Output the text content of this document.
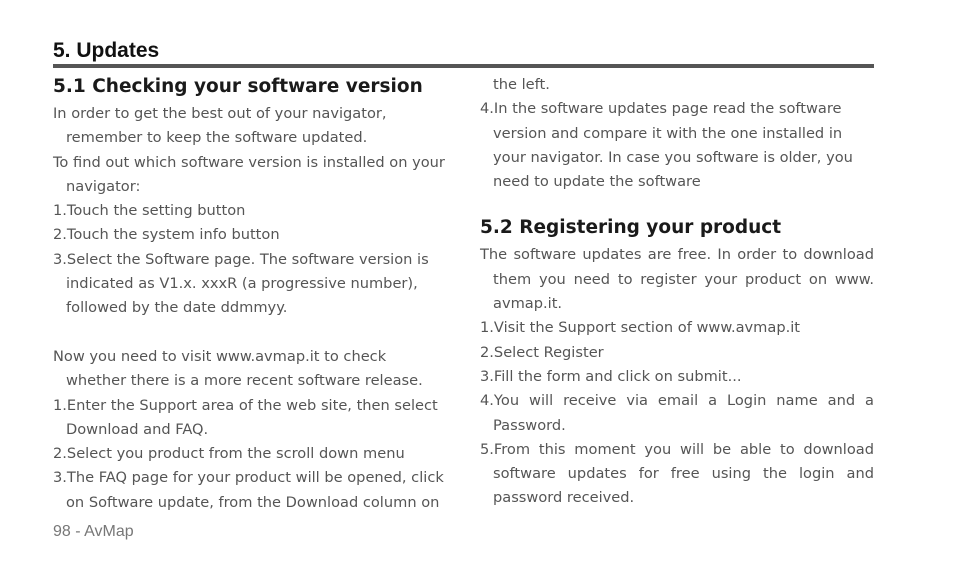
5. Updates
5.1 Checking your software version

In order to get the best out of your navigator, remember to keep the software updated.

To find out which software version is installed on your navigator:

1.Touch the setting button

2.Touch the system info button

3.Select the Software page. The software version is indicated as V1.x. xxxR (a progressive number), followed by the date ddmmyy.

Now you need to visit www.avmap.it to check whether there is a more recent software release.

1.Enter the Support area of the web site, then select Download and FAQ.

2.Select you product from the scroll down menu

3.The FAQ page for your product will be opened, click on Software update, from the Download column on

the left.

4.In the software updates page read the software version and compare it with the one installed in your navigator. In case you software is older, you need to update the software

5.2 Registering your product

The software updates are free. In order to download them you need to register your product on www. avmap.it.

1.Visit the Support section of www.avmap.it

2.Select Register

3.Fill the form and click on submit...

4.You will receive via email a Login name and a Password.

5.From this moment you will be able to download software updates for free using the login and password received.

98 - AvMap
